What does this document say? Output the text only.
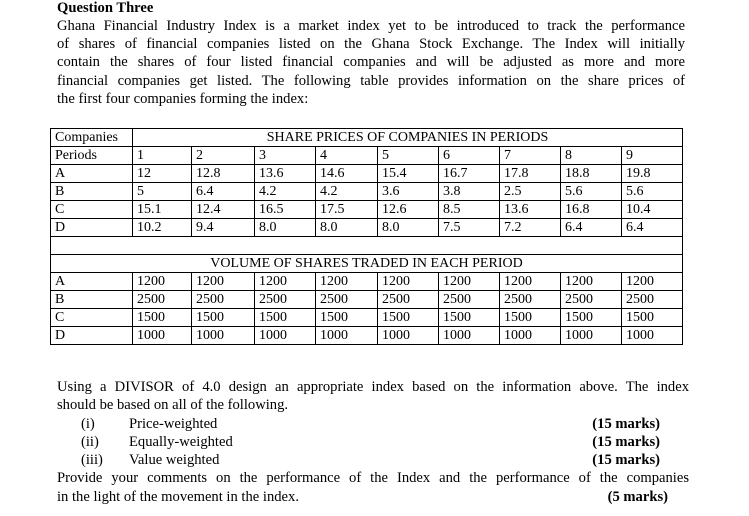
Question Three
Ghana Financial Industry Index is a market index yet to be introduced to track the performance
of shares of financial companies listed on the Ghana Stock Exchange. The Index will initially
contain the shares of four listed financial companies and will be adjusted as more and more
financial companies get listed. The following table provides information on the share prices of
the first four companies forming the index:
Companies	SHARE PRICES OF COMPANIES IN PERIODS								
Periods	1	2	3	4	5	6	7	8	9
A	12	12.8	13.6	14.6	15.4	16.7	17.8	18.8	19.8
B	5	6.4	4.2	4.2	3.6	3.8	2.5	5.6	5.6
C	15.1	12.4	16.5	17.5	12.6	8.5	13.6	16.8	10.4
D	10.2	9.4	8.0	8.0	8.0	7.5	7.2	6.4	6.4

VOLUME OF SHARES TRADED IN EACH PERIOD									
A	1200	1200	1200	1200	1200	1200	1200	1200	1200
B	2500	2500	2500	2500	2500	2500	2500	2500	2500
C	1500	1500	1500	1500	1500	1500	1500	1500	1500
D	1000	1000	1000	1000	1000	1000	1000	1000	1000
Using a DIVISOR of 4.0 design an appropriate index based on the information above. The index
should be based on all of the following.
(i) Price-weighted	(15 marks)
(ii) Equally-weighted	(15 marks)
(iii) Value weighted	(15 marks)
Provide your comments on the performance of the Index and the performance of the companies
in the light of the movement in the index.	(5 marks)
